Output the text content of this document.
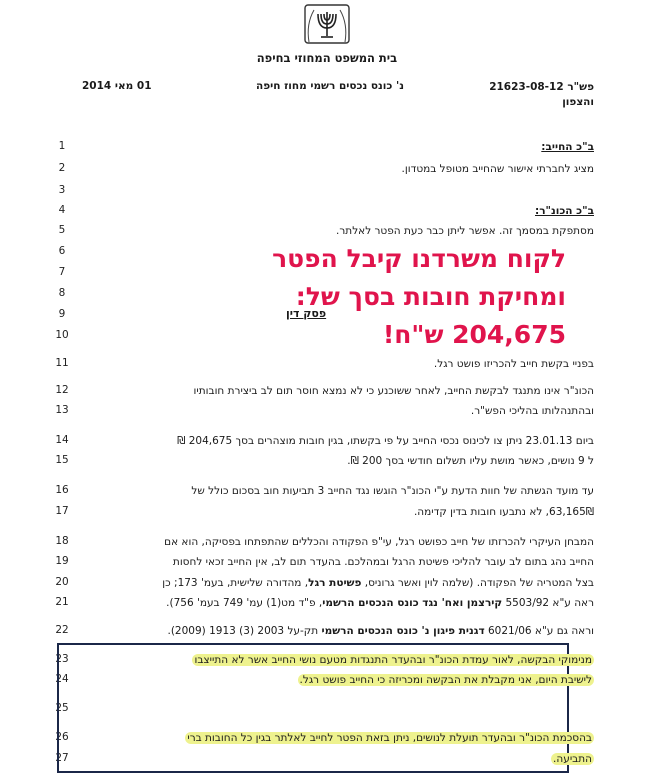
בית המשפט המחוזי בחיפה
פש"ר 21623-08-12
והצפון
נ' כונס נכסים רשמי מחוז חיפה
01 מאי 2014
1
2
3
4
5
6
7
8
9
10
11
12
13
14
15
16
17
18
19
20
21
22
23
24
25
26
27
ב"כ החייב:
מציג לחברתי אישור שהחייב מטופל במטדון.
ב"כ הכונ"ר:
מסתפקת במסמך זה. אפשר ליתן כבר כעת הפטר לאלתר.
לקוח משרדנו קיבל הפטר
ומחיקת חובות בסך של:
204,675 ש"ח!
פסק דין
בפניי בקשת חייב להכריזו פושט רגל.
הכונ"ר אינו מתנגד לבקשת החייב, לאחר ששוכנע כי לא נמצא חוסר תום לב ביצירת חובותיו
ובהתנהלותו בהליכי הפש"ר.
ביום 23.01.13 ניתן צו לכינוס נכסי החייב על פי בקשתו, בגין חובות מוצהרים בסך 204,675 ₪
ל 9 נושים, כאשר מושת עליו תשלום חודשי בסך 200 ₪.
עד מועד הגשתה של חוות הדעת ע"י הכונ"ר הוגשו נגד החייב 3 תביעות חוב בסכום כולל של
63,165₪, לא נתבעו חובות בדין קדימה.
המבחן העיקרי להכרזתו של חייב כפושט רגל, עי"פ הפקודה והכללים שהתפתחו בפסיקה, הוא אם
החייב נהג בתום לב עובר להליכי פשיטת הרגל ובמהלכם. בהעדר תום לב, אין החייב זכאי לחסות
בצל המטריה של הפקודה. (שלמה לוין ואשר גרוניס, פשיטת רגל, מהדורה שלישית, בעמ' 173; כן
ראה ע"א 5503/92 קירצמן ואח' נגד כונס הנכסים הרשמי, פ"ד מט(1) עמ' 749 בעמ' 756).
וראה גם ע"א 6021/06 דגנית פיגון נ' כונס הנכסים הרשמי תק-על 2003 (3) 1913 (2009).
מנימוקי הבקשה, לאור עמדת הכונ"ר ובהעדר התנגדות מטעם נושי החייב אשר לא התייצבו
לישיבת היום, אני מקבלת את הבקשה ומכריזה כי החייב פושט רגל.
בהסכמת הכונ"ר ובהעדר תועלת לנושים, ניתן בזאת הפטר לחייב לאלתר בגין כל החובות ברי
התביעה.
